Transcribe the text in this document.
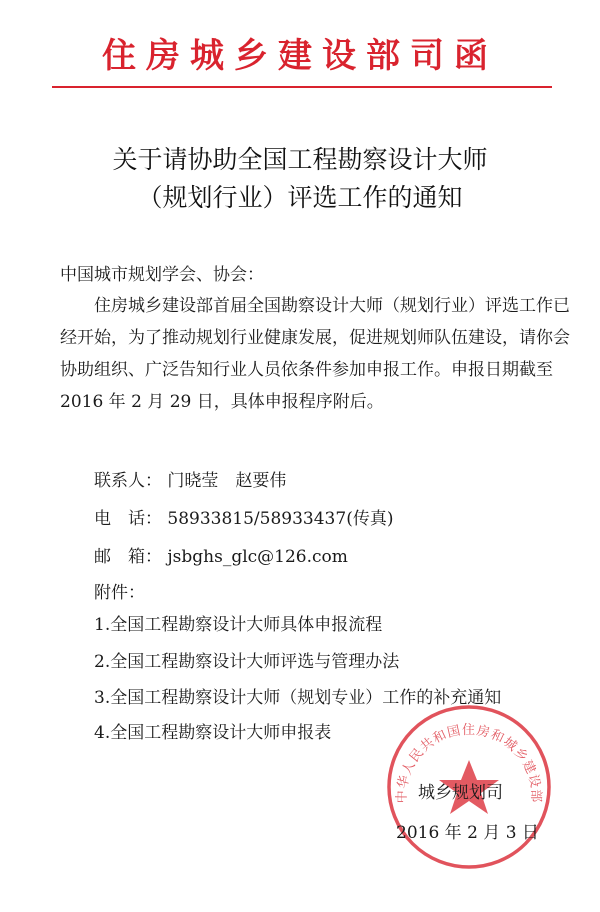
住房城乡建设部司函
关于请协助全国工程勘察设计大师
（规划行业）评选工作的通知
中国城市规划学会、协会：
住房城乡建设部首届全国勘察设计大师（规划行业）评选工作已经开始，为了推动规划行业健康发展，促进规划师队伍建设，请你会协助组织、广泛告知行业人员依条件参加申报工作。申报日期截至 2016 年 2 月 29 日，具体申报程序附后。
联系人： 门晓莹　赵要伟
电　话： 58933815/58933437(传真)
邮　箱： jsbghs_glc@126.com
附件：
1.全国工程勘察设计大师具体申报流程
2.全国工程勘察设计大师评选与管理办法
3.全国工程勘察设计大师（规划专业）工作的补充通知
4.全国工程勘察设计大师申报表
中华人民共和国住房和城乡建设部
城乡规划司
2016 年 2 月 3 日
